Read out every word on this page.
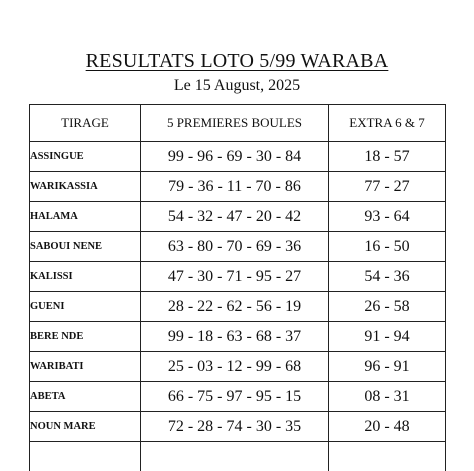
RESULTATS LOTO 5/99 WARABA
Le 15 August, 2025
TIRAGE	5 PREMIERES BOULES	EXTRA 6 & 7
ASSINGUE	99 - 96 - 69 - 30 - 84	18 - 57
WARIKASSIA	79 - 36 - 11 - 70 - 86	77 - 27
HALAMA	54 - 32 - 47 - 20 - 42	93 - 64
SABOUI NENE	63 - 80 - 70 - 69 - 36	16 - 50
KALISSI	47 - 30 - 71 - 95 - 27	54 - 36
GUENI	28 - 22 - 62 - 56 - 19	26 - 58
BERE NDE	99 - 18 - 63 - 68 - 37	91 - 94
WARIBATI	25 - 03 - 12 - 99 - 68	96 - 91
ABETA	66 - 75 - 97 - 95 - 15	08 - 31
NOUN MARE	72 - 28 - 74 - 30 - 35	20 - 48
